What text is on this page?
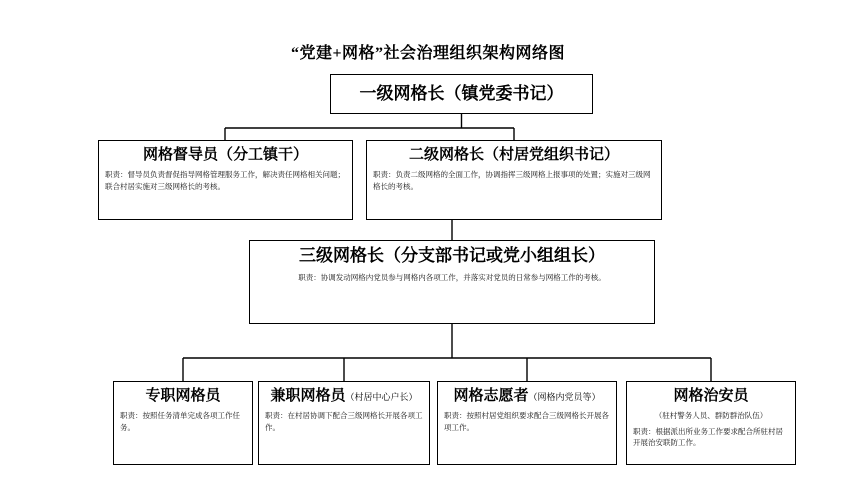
“党建+网格”社会治理组织架构网络图
一级网格长（镇党委书记）
网格督导员（分工镇干）
职责：督导员负责督促指导网格管理服务工作，解决责任网格相关问题；联合村居实施对三级网格长的考核。
二级网格长（村居党组织书记）
职责：负责二级网格的全面工作，协调指挥三级网格上报事项的处置；实施对三级网格长的考核。
三级网格长（分支部书记或党小组组长）
职责：协调发动网格内党员参与网格内各项工作，并落实对党员的日常参与网格工作的考核。
专职网格员
职责：按照任务清单完成各项工作任务。
兼职网格员（村居中心户长）
职责：在村居协调下配合三级网格长开展各项工作。
网格志愿者（网格内党员等）
职责：按照村居党组织要求配合三级网格长开展各项工作。
网格治安员
（驻村警务人员、群防群治队伍）
职责：根据派出所业务工作要求配合所驻村居开展治安联防工作。
